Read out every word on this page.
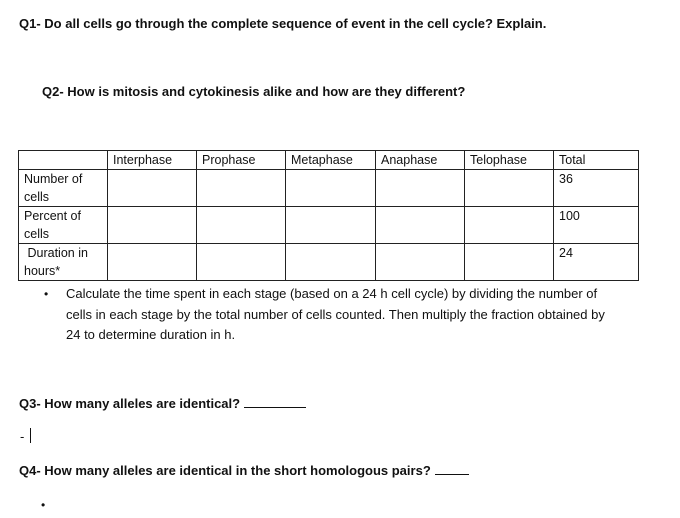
Q1- Do all cells go through the complete sequence of event in the cell cycle? Explain.
Q2- How is mitosis and cytokinesis alike and how are they different?
	Interphase	Prophase	Metaphase	Anaphase	Telophase	Total
Number of cells						36
Percent of cells						100
Duration in hours*						24
• Calculate the time spent in each stage (based on a 24 h cell cycle) by dividing the number of cells in each stage by the total number of cells counted. Then multiply the fraction obtained by 24 to determine duration in h.
Q3- How many alleles are identical?
-
Q4- How many alleles are identical in the short homologous pairs?
•
